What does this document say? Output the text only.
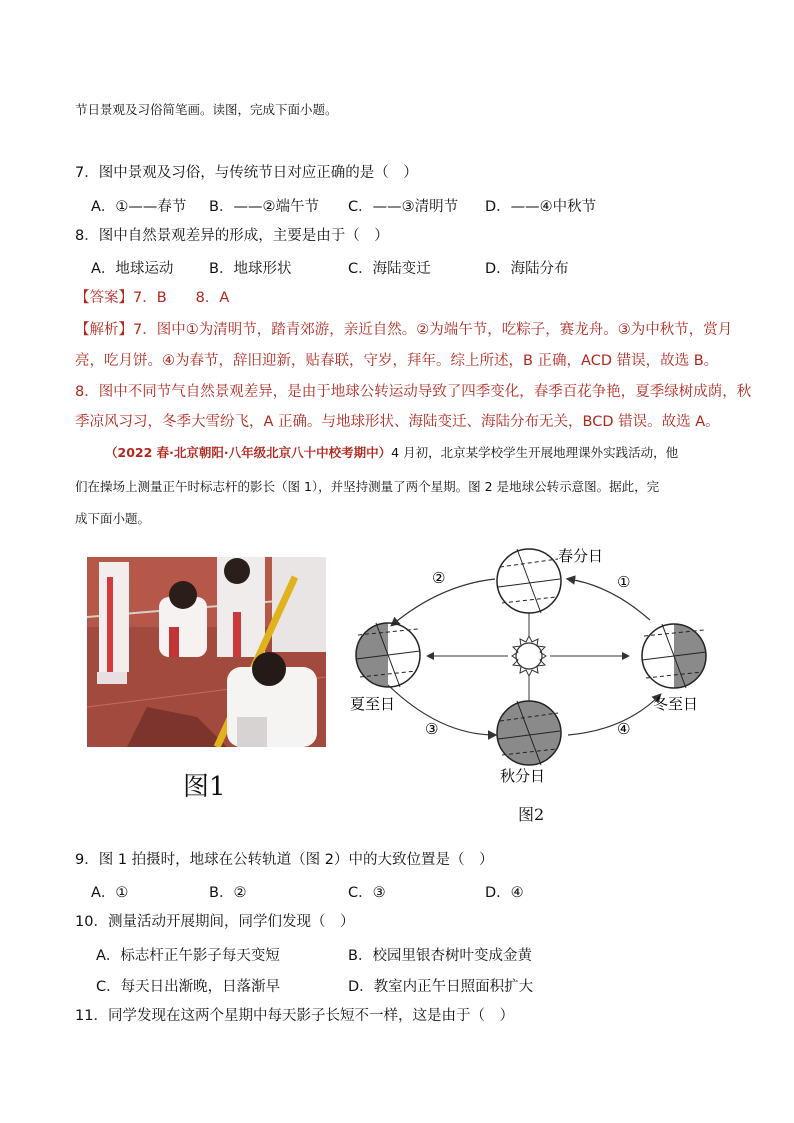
节日景观及习俗简笔画。读图，完成下面小题。
7．图中景观及习俗，与传统节日对应正确的是（　）
A．①——春节 B．——②端午节 C．——③清明节 D．——④中秋节
8．图中自然景观差异的形成，主要是由于（　）
A．地球运动 B．地球形状	C．海陆变迁	D．海陆分布
【答案】7．B　　8．A
【解析】7．图中①为清明节，踏青郊游，亲近自然。②为端午节，吃粽子，赛龙舟。③为中秋节，赏月
亮，吃月饼。④为春节，辞旧迎新，贴春联，守岁，拜年。综上所述，B 正确，ACD 错误，故选 B。
8．图中不同节气自然景观差异，是由于地球公转运动导致了四季变化，春季百花争艳，夏季绿树成荫，秋
季凉风习习，冬季大雪纷飞，A 正确。与地球形状、海陆变迁、海陆分布无关，BCD 错误。故选 A。
（2022 春·北京朝阳·八年级北京八十中校考期中）4 月初，北京某学校学生开展地理课外实践活动，他
们在操场上测量正午时标志杆的影长（图 1），并坚持测量了两个星期。图 2 是地球公转示意图。据此，完
成下面小题。
图1
春分日
夏至日
秋分日
冬至日
②	①
③	④
图2
9．图 1 拍摄时，地球在公转轨道（图 2）中的大致位置是（　）
A．①	B．②	C．③	D．④
10．测量活动开展期间，同学们发现（　）
A．标志杆正午影子每天变短	B．校园里银杏树叶变成金黄
C．每天日出渐晚，日落渐早	D．教室内正午日照面积扩大
11．同学发现在这两个星期中每天影子长短不一样，这是由于（　）
